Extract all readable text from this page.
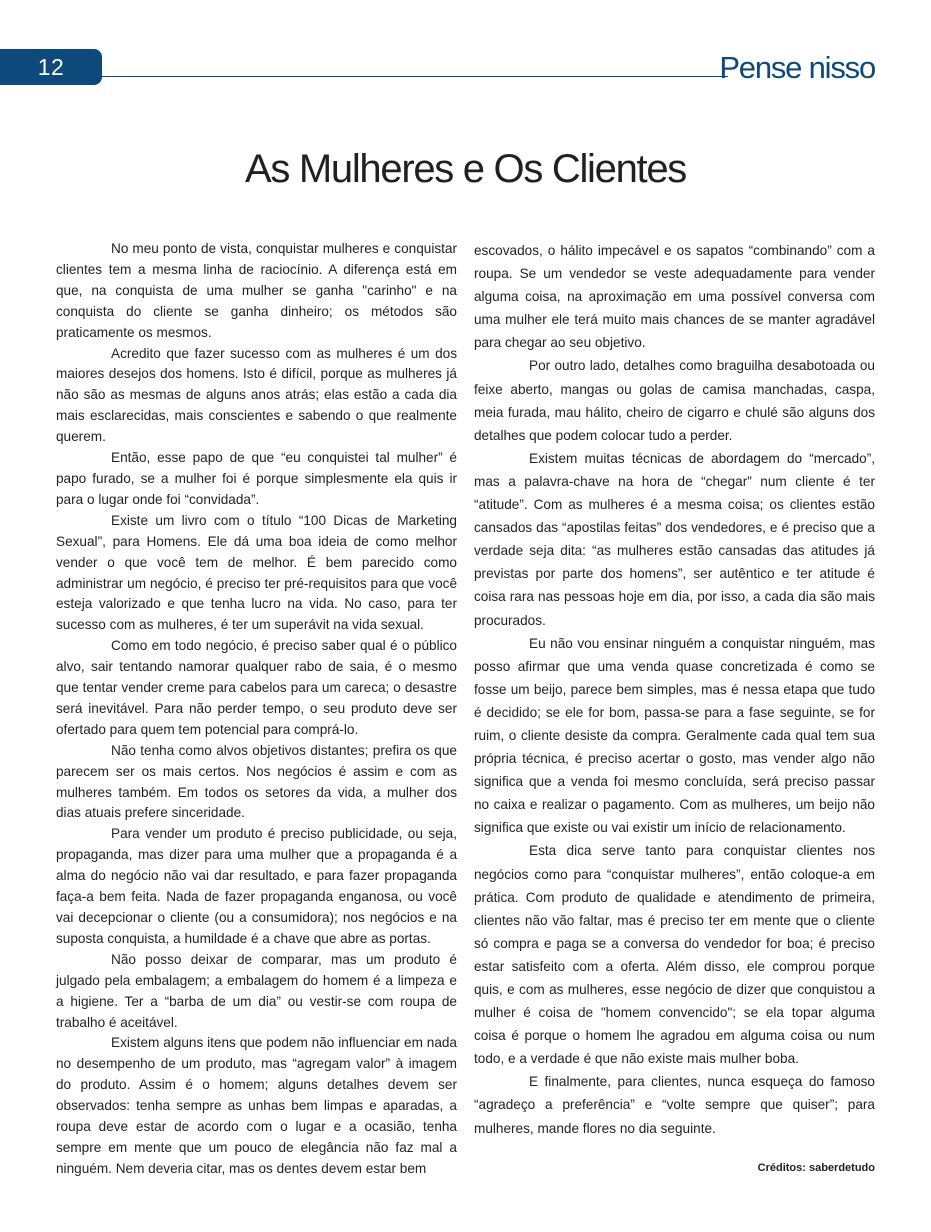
12	Pense nisso
As Mulheres e Os Clientes

No meu ponto de vista, conquistar mulheres e conquistar clientes tem a mesma linha de raciocínio. A diferença está em que, na conquista de uma mulher se ganha "carinho" e na conquista do cliente se ganha dinheiro; os métodos são praticamente os mesmos.

Acredito que fazer sucesso com as mulheres é um dos maiores desejos dos homens. Isto é difícil, porque as mulheres já não são as mesmas de alguns anos atrás; elas estão a cada dia mais esclarecidas, mais conscientes e sabendo o que realmente querem.

Então, esse papo de que “eu conquistei tal mulher” é papo furado, se a mulher foi é porque simplesmente ela quis ir para o lugar onde foi “convidada”.

Existe um livro com o título “100 Dicas de Marketing Sexual”, para Homens. Ele dá uma boa ideia de como melhor vender o que você tem de melhor. É bem parecido como administrar um negócio, é preciso ter pré-requisitos para que você esteja valorizado e que tenha lucro na vida. No caso, para ter sucesso com as mulheres, é ter um superávit na vida sexual.

Como em todo negócio, é preciso saber qual é o público alvo, sair tentando namorar qualquer rabo de saia, é o mesmo que tentar vender creme para cabelos para um careca; o desastre será inevitável. Para não perder tempo, o seu produto deve ser ofertado para quem tem potencial para comprá-lo.

Não tenha como alvos objetivos distantes; prefira os que parecem ser os mais certos. Nos negócios é assim e com as mulheres também. Em todos os setores da vida, a mulher dos dias atuais prefere sinceridade.

Para vender um produto é preciso publicidade, ou seja, propaganda, mas dizer para uma mulher que a propaganda é a alma do negócio não vai dar resultado, e para fazer propaganda faça-a bem feita. Nada de fazer propaganda enganosa, ou você vai decepcionar o cliente (ou a consumidora); nos negócios e na suposta conquista, a humildade é a chave que abre as portas.

Não posso deixar de comparar, mas um produto é julgado pela embalagem; a embalagem do homem é a limpeza e a higiene. Ter a “barba de um dia” ou vestir-se com roupa de trabalho é aceitável.

Existem alguns itens que podem não influenciar em nada no desempenho de um produto, mas “agregam valor” à imagem do produto. Assim é o homem; alguns detalhes devem ser observados: tenha sempre as unhas bem limpas e aparadas, a roupa deve estar de acordo com o lugar e a ocasião, tenha sempre em mente que um pouco de elegância não faz mal a ninguém. Nem deveria citar, mas os dentes devem estar bem

escovados, o hálito impecável e os sapatos “combinando” com a roupa. Se um vendedor se veste adequadamente para vender alguma coisa, na aproximação em uma possível conversa com uma mulher ele terá muito mais chances de se manter agradável para chegar ao seu objetivo.

Por outro lado, detalhes como braguilha desabotoada ou feixe aberto, mangas ou golas de camisa manchadas, caspa, meia furada, mau hálito, cheiro de cigarro e chulé são alguns dos detalhes que podem colocar tudo a perder.

Existem muitas técnicas de abordagem do “mercado”, mas a palavra-chave na hora de “chegar” num cliente é ter “atitude”. Com as mulheres é a mesma coisa; os clientes estão cansados das “apostilas feitas” dos vendedores, e é preciso que a verdade seja dita: “as mulheres estão cansadas das atitudes já previstas por parte dos homens”, ser autêntico e ter atitude é coisa rara nas pessoas hoje em dia, por isso, a cada dia são mais procurados.

Eu não vou ensinar ninguém a conquistar ninguém, mas posso afirmar que uma venda quase concretizada é como se fosse um beijo, parece bem simples, mas é nessa etapa que tudo é decidido; se ele for bom, passa-se para a fase seguinte, se for ruim, o cliente desiste da compra. Geralmente cada qual tem sua própria técnica, é preciso acertar o gosto, mas vender algo não significa que a venda foi mesmo concluída, será preciso passar no caixa e realizar o pagamento. Com as mulheres, um beijo não significa que existe ou vai existir um início de relacionamento.

Esta dica serve tanto para conquistar clientes nos negócios como para “conquistar mulheres”, então coloque-a em prática. Com produto de qualidade e atendimento de primeira, clientes não vão faltar, mas é preciso ter em mente que o cliente só compra e paga se a conversa do vendedor for boa; é preciso estar satisfeito com a oferta. Além disso, ele comprou porque quis, e com as mulheres, esse negócio de dizer que conquistou a mulher é coisa de "homem convencido"; se ela topar alguma coisa é porque o homem lhe agradou em alguma coisa ou num todo, e a verdade é que não existe mais mulher boba.

E finalmente, para clientes, nunca esqueça do famoso “agradeço a preferência” e “volte sempre que quiser”; para mulheres, mande flores no dia seguinte.

Créditos: saberdetudo
